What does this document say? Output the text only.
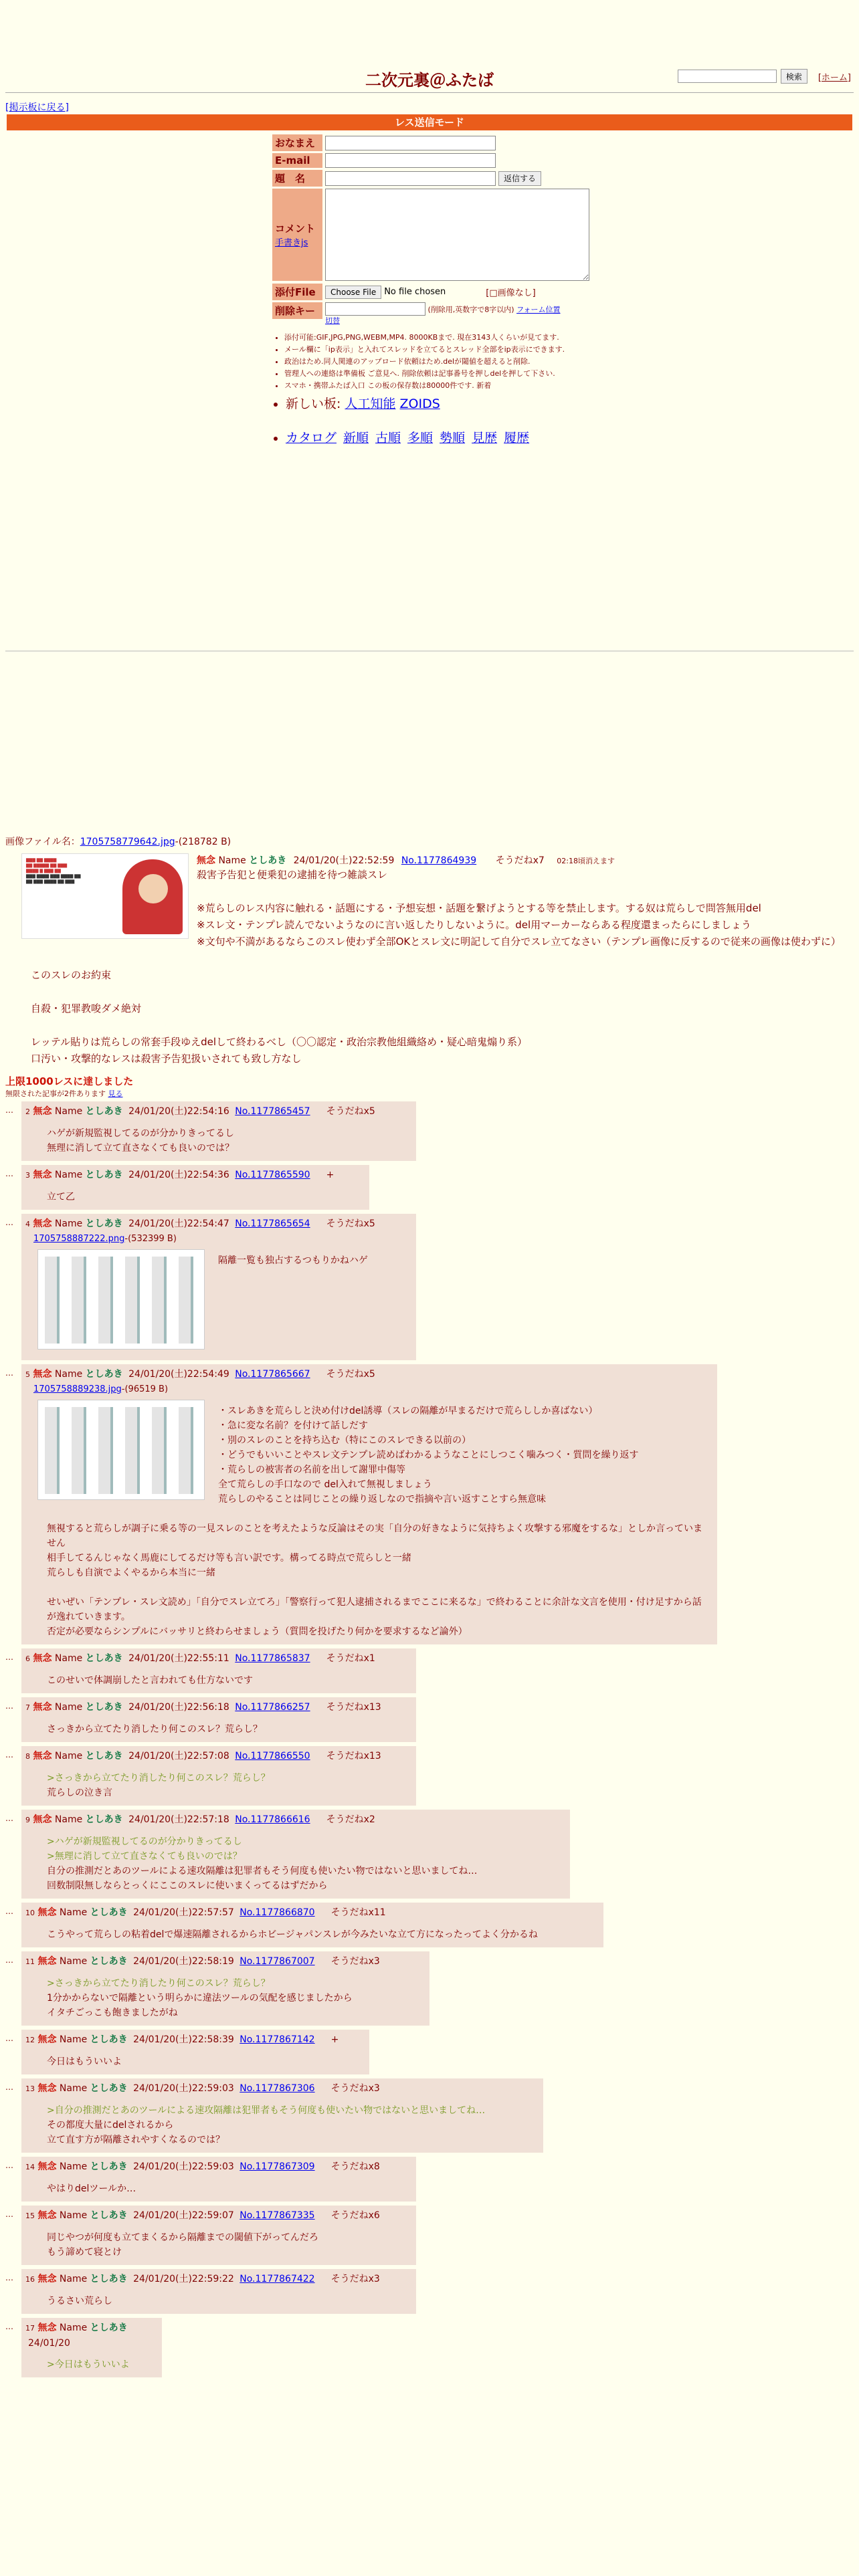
二次元裏＠ふたば	検索	[ホーム]
[掲示板に戻る]
レス送信モード
おなまえ
E-mail
題　名	返信する
コメント
手書きjs
添付File	Choose File No file chosen	[□画像なし]
削除キー	(削除用,英数字で8字以内) フォーム位置
切替
• 添付可能:GIF,JPG,PNG,WEBM,MP4. 8000KBまで. 現在3143人くらいが見てます.
• メール欄に「ip表示」と入れてスレッドを立てるとスレッド全部をip表示にできます.
• 政治はため.同人関連のアップロード依頼はため.delが閾値を超えると削除.
• 管理人への連絡は準備板 ご意見へ. 削除依頼は記事番号を押しdelを押して下さい.
• スマホ・携帯ふたば入口 この板の保存数は80000件です. 新着
• 新しい板: 人工知能 ZOIDS
• カタログ 新順 古順 多順 勢順 見歴 履歴
画像ファイル名：1705758779642.jpg-(218782 B)
▇▇▇ ▇▇ ▇▇▇▇
▇▇ ▇▇▇▇▇ ▇▇ ▇▇▇
▇▇▇▇ ▇ ▇▇▇ ▇▇
▇▇▇ ▇▇▇▇ ▇▇▇ ▇▇▇▇ ▇▇
▇▇ ▇▇▇ ▇▇▇▇ ▇▇ ▇▇▇
無念 Name としあき 24/01/20(土)22:52:59 No.1177864939 そうだねx7 02:18頃消えます
殺害予告犯と便乗犯の逮捕を待つ雑談スレ
※荒らしのレス内容に触れる・話題にする・予想妄想・話題を繋げようとする等を禁止します。する奴は荒らしで問答無用del
※スレ文・テンプレ読んでないようなのに言い返したりしないように。del用マーカーならある程度還まったらにしましょう
※文句や不満があるならこのスレ使わず全部OKとスレ文に明記して自分でスレ立てなさい（テンプレ画像に反するので従来の画像は使わずに）
このスレのお約束
自殺・犯罪教唆ダメ絶対
レッテル貼りは荒らしの常套手段ゆえdelして終わるべし（〇〇認定・政治宗教他組織絡め・疑心暗鬼煽り系）
口汚い・攻撃的なレスは殺害予告犯扱いされても致し方なし
上限1000レスに達しました
無限された記事が2件あります 見る
…	2 無念 Name としあき 24/01/20(土)22:54:16 No.1177865457 そうだねx5
ハゲが新規監視してるのが分かりきってるし
無理に消して立て直さなくても良いのでは？
…	3 無念 Name としあき 24/01/20(土)22:54:36 No.1177865590 +
立て乙
…	4 無念 Name としあき 24/01/20(土)22:54:47 No.1177865654 そうだねx5
1705758887222.png-(532399 B)
隔離一覧も独占するつもりかねハゲ
…	5 無念 Name としあき 24/01/20(土)22:54:49 No.1177865667 そうだねx5
1705758889238.jpg-(96519 B)
・スレあきを荒らしと決め付けdel誘導（スレの隔離が早まるだけで荒らししか喜ばない）
・急に変な名前？を付けて話しだす
・別のスレのことを持ち込む（特にこのスレできる以前の）
・どうでもいいことやスレ文テンプレ読めばわかるようなことにしつこく噛みつく・質問を繰り返す
・荒らしの被害者の名前を出して謝罪中傷等
全て荒らしの手口なので del入れて無視しましょう
荒らしのやることは同じことの繰り返しなので指摘や言い返すことすら無意味
無視すると荒らしが調子に乗る等の一見スレのことを考えたような反論はその実「自分の好きなように気持ちよく攻撃する邪魔をするな」としか言っていません
相手してるんじゃなく馬鹿にしてるだけ等も言い訳です。構ってる時点で荒らしと一緒
荒らしも自演でよくやるから本当に一緒
せいぜい「テンプレ・スレ文読め」「自分でスレ立てろ」「警察行って犯人逮捕されるまでここに来るな」で終わることに余計な文言を使用・付け足すから話が逸れていきます。
否定が必要ならシンプルにバッサリと終わらせましょう（質問を投げたり何かを要求するなど論外）
…	6 無念 Name としあき 24/01/20(土)22:55:11 No.1177865837 そうだねx1
このせいで体調崩したと言われても仕方ないです
…	7 無念 Name としあき 24/01/20(土)22:56:18 No.1177866257 そうだねx13
さっきから立てたり消したり何このスレ？荒らし？
…	8 無念 Name としあき 24/01/20(土)22:57:08 No.1177866550 そうだねx13
>さっきから立てたり消したり何このスレ？荒らし？
荒らしの泣き言
…	9 無念 Name としあき 24/01/20(土)22:57:18 No.1177866616 そうだねx2
>ハゲが新規監視してるのが分かりきってるし
>無理に消して立て直さなくても良いのでは？
自分の推測だとあのツールによる速攻隔離は犯罪者もそう何度も使いたい物ではないと思いましてね…
回数制限無しならとっくにここのスレに使いまくってるはずだから
…	10 無念 Name としあき 24/01/20(土)22:57:57 No.1177866870 そうだねx11
こうやって荒らしの粘着delで爆速隔離されるからホビージャパンスレが今みたいな立て方になったってよく分かるね
…	11 無念 Name としあき 24/01/20(土)22:58:19 No.1177867007 そうだねx3
>さっきから立てたり消したり何このスレ？荒らし？
1分かからないで隔離という明らかに違法ツールの気配を感じましたから
イタチごっこも飽きましたがね
…	12 無念 Name としあき 24/01/20(土)22:58:39 No.1177867142 +
今日はもういいよ
…	13 無念 Name としあき 24/01/20(土)22:59:03 No.1177867306 そうだねx3
>自分の推測だとあのツールによる速攻隔離は犯罪者もそう何度も使いたい物ではないと思いましてね…
その都度大量にdelされるから
立て直す方が隔離されやすくなるのでは？
…	14 無念 Name としあき 24/01/20(土)22:59:03 No.1177867309 そうだねx8
やはりdelツールか…
…	15 無念 Name としあき 24/01/20(土)22:59:07 No.1177867335 そうだねx6
同じやつが何度も立てまくるから隔離までの閾値下がってんだろ
もう諦めて寝とけ
…	16 無念 Name としあき 24/01/20(土)22:59:22 No.1177867422 そうだねx3
うるさい荒らし
…	17 無念 Name としあき 24/01/20
>今日はもういいよ
